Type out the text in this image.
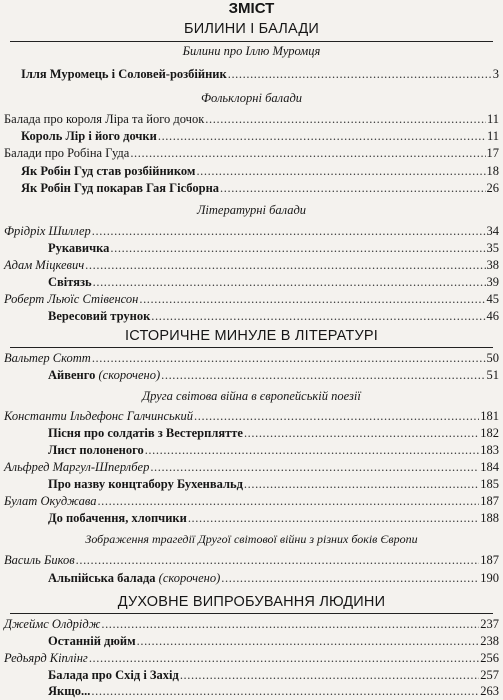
ЗМІСТ
БИЛИНИ І БАЛАДИ
Билини про Іллю Муромця
Ілля Муромець і Соловей-розбійник .....	3
Фольклорні балади
Балада про короля Ліра та його дочок .....	11
Король Лір і його дочки .....	11
Балади про Робіна Гуда .....	17
Як Робін Гуд став розбійником .....	18
Як Робін Гуд покарав Гая Гісборна .....	26
Літературні балади
Фрідріх Шиллер .....	34
Рукавичка .....	35
Адам Міцкевич .....	38
Світязь .....	39
Роберт Льюїс Стівенсон .....	45
Вересовий трунок .....	46
ІСТОРИЧНЕ МИНУЛЕ В ЛІТЕРАТУРІ
Вальтер Скотт .....	50
Айвенго (скорочено) .....	51
Друга світова війна в європейській поезії
Константи Ільдефонс Галчинський .....	181
Пісня про солдатів з Вестерплятте .....	182
Лист полоненого .....	183
Альфред Маргул-Шперлбер .....	184
Про назву концтабору Бухенвальд .....	185
Булат Окуджава .....	187
До побачення, хлопчики .....	188
Зображення трагедії Другої світової війни з різних боків Європи
Василь Биков .....	187
Альпійська балада (скорочено) .....	190
ДУХОВНЕ ВИПРОБУВАННЯ ЛЮДИНИ
Джеймс Олдрідж .....	237
Останній дюйм .....	238
Редьярд Кіплінг .....	256
Балада про Схід і Захід .....	257
Якщо... .....	263
